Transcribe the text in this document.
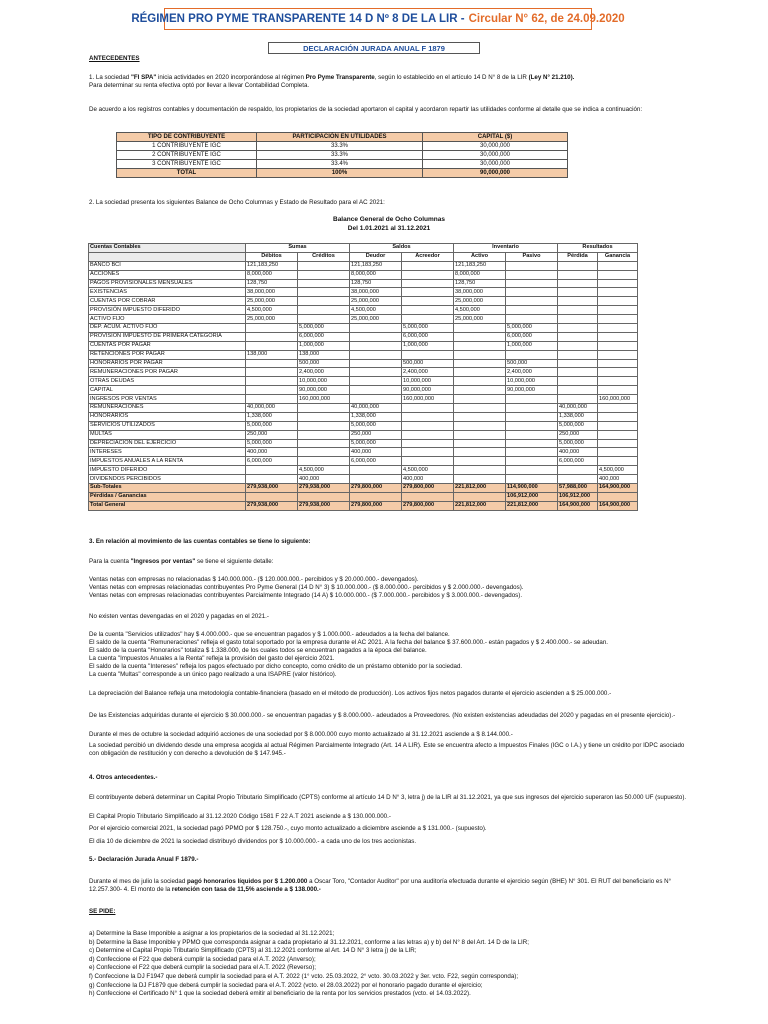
RÉGIMEN PRO PYME TRANSPARENTE 14 D Nº 8 DE LA LIR - Circular N° 62, de 24.09.2020
DECLARACIÓN JURADA ANUAL F 1879

ANTECEDENTES

1. La sociedad "FI SPA" inicia actividades en 2020 incorporándose al régimen Pro Pyme Transparente, según lo establecido en el artículo 14 D N° 8 de la LIR (Ley N° 21.210).
Para determinar su renta efectiva optó por llevar a llevar Contabilidad Completa.

De acuerdo a los registros contables y documentación de respaldo, los propietarios de la sociedad aportaron el capital y acordaron repartir las utilidades conforme al detalle que se indica a continuación:

TIPO DE CONTRIBUYENTE	PARTICIPACIÓN EN UTILIDADES	CAPITAL ($)
1 CONTRIBUYENTE IGC	33.3%	30,000,000
2 CONTRIBUYENTE IGC	33.3%	30,000,000
3 CONTRIBUYENTE IGC	33.4%	30,000,000
TOTAL	100%	90,000,000

2. La sociedad presenta los siguientes Balance de Ocho Columnas y Estado de Resultado para el AC 2021:

Balance General de Ocho Columnas
Del 1.01.2021 al 31.12.2021
Cuentas Contables	Sumas		Saldos		Inventario		Resultados	
	Débitos	Créditos	Deudor	Acreedor	Activo	Pasivo	Pérdida	Ganancia
BANCO BCI	121,183,250		121,183,250		121,183,250			
ACCIONES	8,000,000		8,000,000		8,000,000			
PAGOS PROVISIONALES MENSUALES	128,750		128,750		128,750			
EXISTENCIAS	38,000,000		38,000,000		38,000,000			
CUENTAS POR COBRAR	25,000,000		25,000,000		25,000,000			
PROVISIÓN IMPUESTO DIFERIDO	4,500,000		4,500,000		4,500,000			
ACTIVO FIJO	25,000,000		25,000,000		25,000,000			
DEP. ACUM. ACTIVO FIJO		5,000,000		5,000,000		5,000,000		
PROVISIÓN IMPUESTO DE PRIMERA CATEGORIA		6,000,000		6,000,000		6,000,000		
CUENTAS POR PAGAR		1,000,000		1,000,000		1,000,000		
RETENCIONES POR PAGAR	138,000	138,000						
HONORARIOS POR PAGAR		500,000		500,000		500,000		
REMUNERACIONES POR PAGAR		2,400,000		2,400,000		2,400,000		
OTRAS DEUDAS		10,000,000		10,000,000		10,000,000		
CAPITAL		90,000,000		90,000,000		90,000,000		
INGRESOS POR VENTAS		160,000,000		160,000,000				160,000,000
REMUNERACIONES	40,000,000		40,000,000				40,000,000	
HONORARIOS	1,338,000		1,338,000				1,338,000	
SERVICIOS UTILIZADOS	5,000,000		5,000,000				5,000,000	
MULTAS	250,000		250,000				250,000	
DEPRECIACIÓN DEL EJERCICIO	5,000,000		5,000,000				5,000,000	
INTERESES	400,000		400,000				400,000	
IMPUESTOS ANUALES A LA RENTA	6,000,000		6,000,000				6,000,000	
IMPUESTO DIFERIDO		4,500,000		4,500,000				4,500,000
DIVIDENDOS PERCIBIDOS		400,000		400,000				400,000
Sub-Totales	279,938,000	279,938,000	279,800,000	279,800,000	221,812,000	114,900,000	57,988,000	164,900,000
Pérdidas / Ganancias						106,912,000	106,912,000	
Total General	279,938,000	279,938,000	279,800,000	279,800,000	221,812,000	221,812,000	164,900,000	164,900,000

3. En relación al movimiento de las cuentas contables se tiene lo siguiente:

Para la cuenta "Ingresos por ventas" se tiene el siguiente detalle:

Ventas netas con empresas no relacionadas $ 140.000.000.- ($ 120.000.000.- percibidos y $ 20.000.000.- devengados).
Ventas netas con empresas relacionadas contribuyentes Pro Pyme General (14 D N° 3) $ 10.000.000.- ($ 8.000.000.- percibidos y $ 2.000.000.- devengados).
Ventas netas con empresas relacionadas contribuyentes Parcialmente Integrado (14 A) $ 10.000.000.- ($ 7.000.000.- percibidos y $ 3.000.000.- devengados).

No existen ventas devengadas en el 2020 y pagadas en el 2021.-

De la cuenta "Servicios utilizados" hay $ 4.000.000.- que se encuentran pagados y $ 1.000.000.- adeudados a la fecha del balance.
El saldo de la cuenta "Remuneraciones" refleja el gasto total soportado por la empresa durante el AC 2021. A la fecha del balance $ 37.600.000.- están pagados y $ 2.400.000.- se adeudan.
El saldo de la cuenta "Honorarios" totaliza $ 1.338.000, de los cuales todos se encuentran pagados a la época del balance.
La cuenta "Impuestos Anuales a la Renta" refleja la provisión del gasto del ejercicio 2021.
El saldo de la cuenta "Intereses" refleja los pagos efectuado por dicho concepto, como crédito de un préstamo obtenido por la sociedad.
La cuenta "Multas" corresponde a un único pago realizado a una ISAPRE (valor histórico).

La depreciación del Balance refleja una metodología contable-financiera (basado en el método de producción). Los activos fijos netos pagados durante el ejercicio ascienden a $ 25.000.000.-

De las Existencias adquiridas durante el ejercicio $ 30.000.000.- se encuentran pagadas y $ 8.000.000.- adeudados a Proveedores. (No existen existencias adeudadas del 2020 y pagadas en el presente ejercicio).-

Durante el mes de octubre la sociedad adquirió acciones de una sociedad por $ 8.000.000 cuyo monto actualizado al 31.12.2021 asciende a $ 8.144.000.-

La sociedad percibió un dividendo desde una empresa acogida al actual Régimen Parcialmente Integrado (Art. 14 A LIR). Este se encuentra afecto a Impuestos Finales (IGC o I.A.) y tiene un crédito por IDPC asociado con obligación de restitución y con derecho a devolución de $ 147.945.-

4. Otros antecedentes.-

El contribuyente deberá determinar un Capital Propio Tributario Simplificado (CPTS) conforme al artículo 14 D N° 3, letra j) de la LIR al 31.12.2021, ya que sus ingresos del ejercicio superaron las 50.000 UF (supuesto).

El Capital Propio Tributario Simplificado al 31.12.2020 Código 1581 F 22 A.T 2021 asciende a $ 130.000.000.-

Por el ejercicio comercial 2021, la sociedad pagó PPMO por $ 128.750.-, cuyo monto actualizado a diciembre asciende a $ 131.000.- (supuesto).

El día 10 de diciembre de 2021 la sociedad distribuyó dividendos por $ 10.000.000.- a cada uno de los tres accionistas.

5.- Declaración Jurada Anual F 1879.-

Durante el mes de julio la sociedad pagó honorarios líquidos por $ 1.200.000 a Oscar Toro, "Contador Auditor" por una auditoría efectuada durante el ejercicio según (BHE) N° 301. El RUT del beneficiario es N° 12.257.300- 4. El monto de la retención con tasa de 11,5% asciende a $ 138.000.-

SE PIDE:

a) Determine la Base Imponible a asignar a los propietarios de la sociedad al 31.12.2021;
b) Determine la Base Imponible y PPMO que corresponda asignar a cada propietario al 31.12.2021, conforme a las letras a) y b) del N° 8 del Art. 14 D de la LIR;
c) Determine el Capital Propio Tributario Simplificado (CPTS) al 31.12.2021 conforme al Art. 14 D N° 3 letra j) de la LIR;
d) Confeccione el F22 que deberá cumplir la sociedad para el A.T. 2022 (Anverso);
e) Confeccione el F22 que deberá cumplir la sociedad para el A.T. 2022 (Reverso);
f) Confeccione la DJ F1947 que deberá cumplir la sociedad para el A.T. 2022 (1° vcto. 25.03.2022, 2° vcto. 30.03.2022 y 3er. vcto. F22, según corresponda);
g) Confeccione la DJ F1879 que deberá cumplir la sociedad para el A.T. 2022 (vcto. el 28.03.2022) por el honorario pagado durante el ejercicio;
h) Confeccione el Certificado N° 1 que la sociedad deberá emitir al beneficiario de la renta por los servicios prestados (vcto. el 14.03.2022).
